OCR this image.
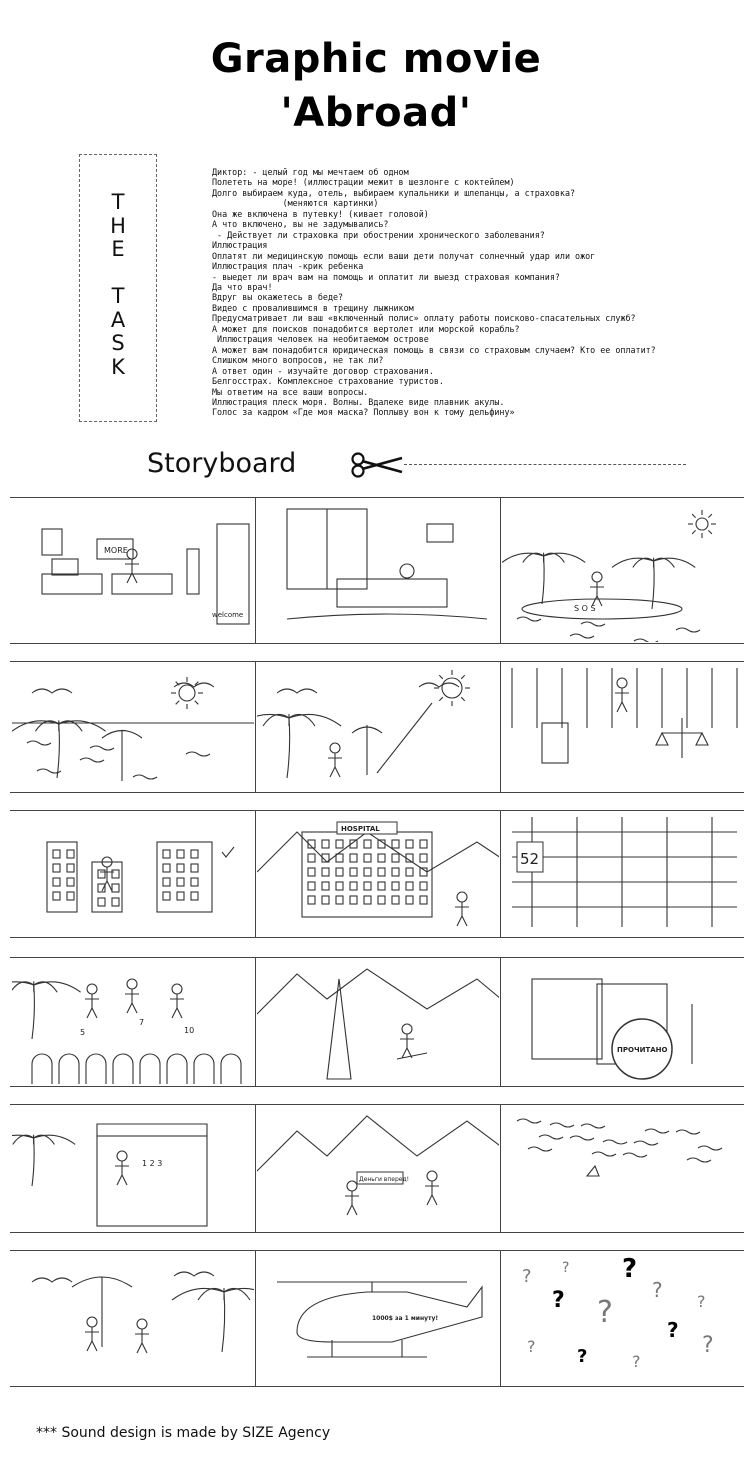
Graphic movie
'Abroad'
T
H
E

T
A
S
K
Диктор: - целый год мы мечтаем об одном
Полететь на море! (иллюстрации межит в шезлонге с коктейлем)
Долго выбираем куда, отель, выбираем купальники и шлепанцы, а страховка?
(меняются картинки)
Она же включена в путевку! (кивает головой)
А что включено, вы не задумывались?
- Действует ли страховка при обострении хронического заболевания?
Иллюстрация
Оплатят ли медицинскую помощь если ваши дети получат солнечный удар или ожог
Иллюстрация плач -крик ребенка
- выедет ли врач вам на помощь и оплатит ли выезд страховая компания?
Да что врач!
Вдруг вы окажетесь в беде?
Видео с провалившимся в трещину лыжником
Предусматривает ли ваш «включенный полис» оплату работы поисково-спасательных служб?
А может для поисков понадобится вертолет или морской корабль?
Иллюстрация человек на необитаемом острове
А может вам понадобится юридическая помощь в связи со страховым случаем? Кто ее оплатит?
Слишком много вопросов, не так ли?
А ответ один - изучайте договор страхования.
Белгосстрах. Комплексное страхование туристов.
Мы ответим на все ваши вопросы.
Иллюстрация плеск моря. Волны. Вдалеке виде плавник акулы.
Голос за кадром «Где моя маска? Поплыву вон к тому дельфину»
Storyboard
MORE
welcome
S O S
HOSPITAL
52
5
7
10
ПРОЧИТАНО
1 2 3
Деньги вперед!
1000$ за 1 минуту!
? ? ?
? ?
?
?
? ?
?
?
?
*** Sound design is made by SIZE Agency
